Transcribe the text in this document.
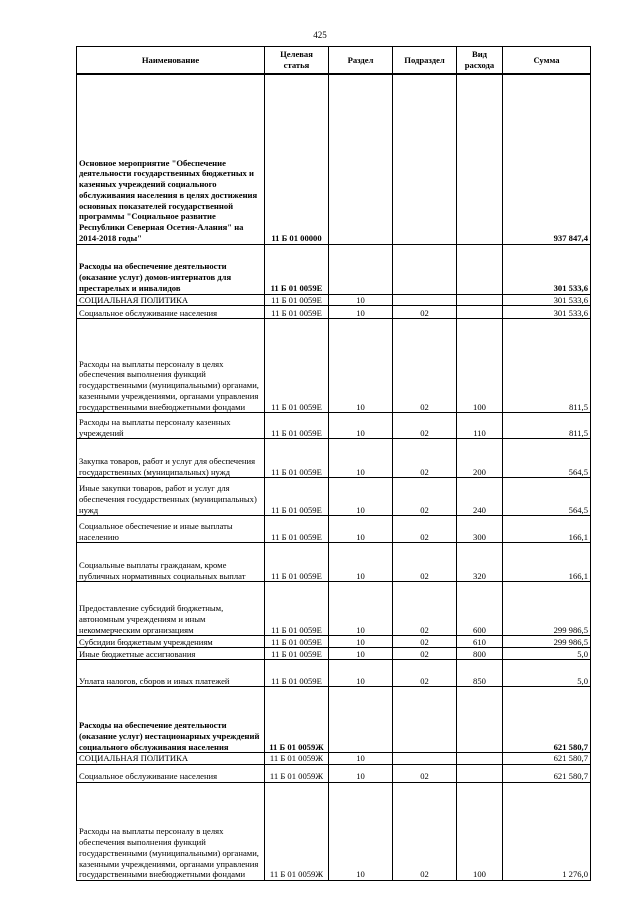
425
Наименование	Целевая статья	Раздел	Подраздел	Вид расхода	Сумма
Основное мероприятие "Обеспечение деятельности государственных бюджетных и казенных учреждений социального обслуживания населения в целях достижения основных показателей государственной программы "Социальное развитие Республики Северная Осетия-Алания" на 2014-2018 годы"	11 Б 01 00000				937 847,4
Расходы на обеспечение деятельности (оказание услуг) домов-интернатов для престарелых и инвалидов	11 Б 01 0059Е				301 533,6
СОЦИАЛЬНАЯ ПОЛИТИКА	11 Б 01 0059Е	10			301 533,6
Социальное обслуживание населения	11 Б 01 0059Е	10	02		301 533,6
Расходы на выплаты персоналу в целях обеспечения выполнения функций государственными (муниципальными) органами, казенными учреждениями, органами управления государственными внебюджетными фондами	11 Б 01 0059Е	10	02	100	811,5
Расходы на выплаты персоналу казенных учреждений	11 Б 01 0059Е	10	02	110	811,5
Закупка товаров, работ и услуг для обеспечения государственных (муниципальных) нужд	11 Б 01 0059Е	10	02	200	564,5
Иные закупки товаров, работ и услуг для обеспечения государственных (муниципальных) нужд	11 Б 01 0059Е	10	02	240	564,5
Социальное обеспечение и иные выплаты населению	11 Б 01 0059Е	10	02	300	166,1
Социальные выплаты гражданам, кроме публичных нормативных социальных выплат	11 Б 01 0059Е	10	02	320	166,1
Предоставление субсидий бюджетным, автономным учреждениям и иным некоммерческим организациям	11 Б 01 0059Е	10	02	600	299 986,5
Субсидии бюджетным учреждениям	11 Б 01 0059Е	10	02	610	299 986,5
Иные бюджетные ассигнования	11 Б 01 0059Е	10	02	800	5,0
Уплата налогов, сборов и иных платежей	11 Б 01 0059Е	10	02	850	5,0
Расходы на обеспечение деятельности (оказание услуг) нестационарных учреждений социального обслуживания населения	11 Б 01 0059Ж				621 580,7
СОЦИАЛЬНАЯ ПОЛИТИКА	11 Б 01 0059Ж	10			621 580,7
Социальное обслуживание населения	11 Б 01 0059Ж	10	02		621 580,7
Расходы на выплаты персоналу в целях обеспечения выполнения функций государственными (муниципальными) органами, казенными учреждениями, органами управления государственными внебюджетными фондами	11 Б 01 0059Ж	10	02	100	1 276,0
